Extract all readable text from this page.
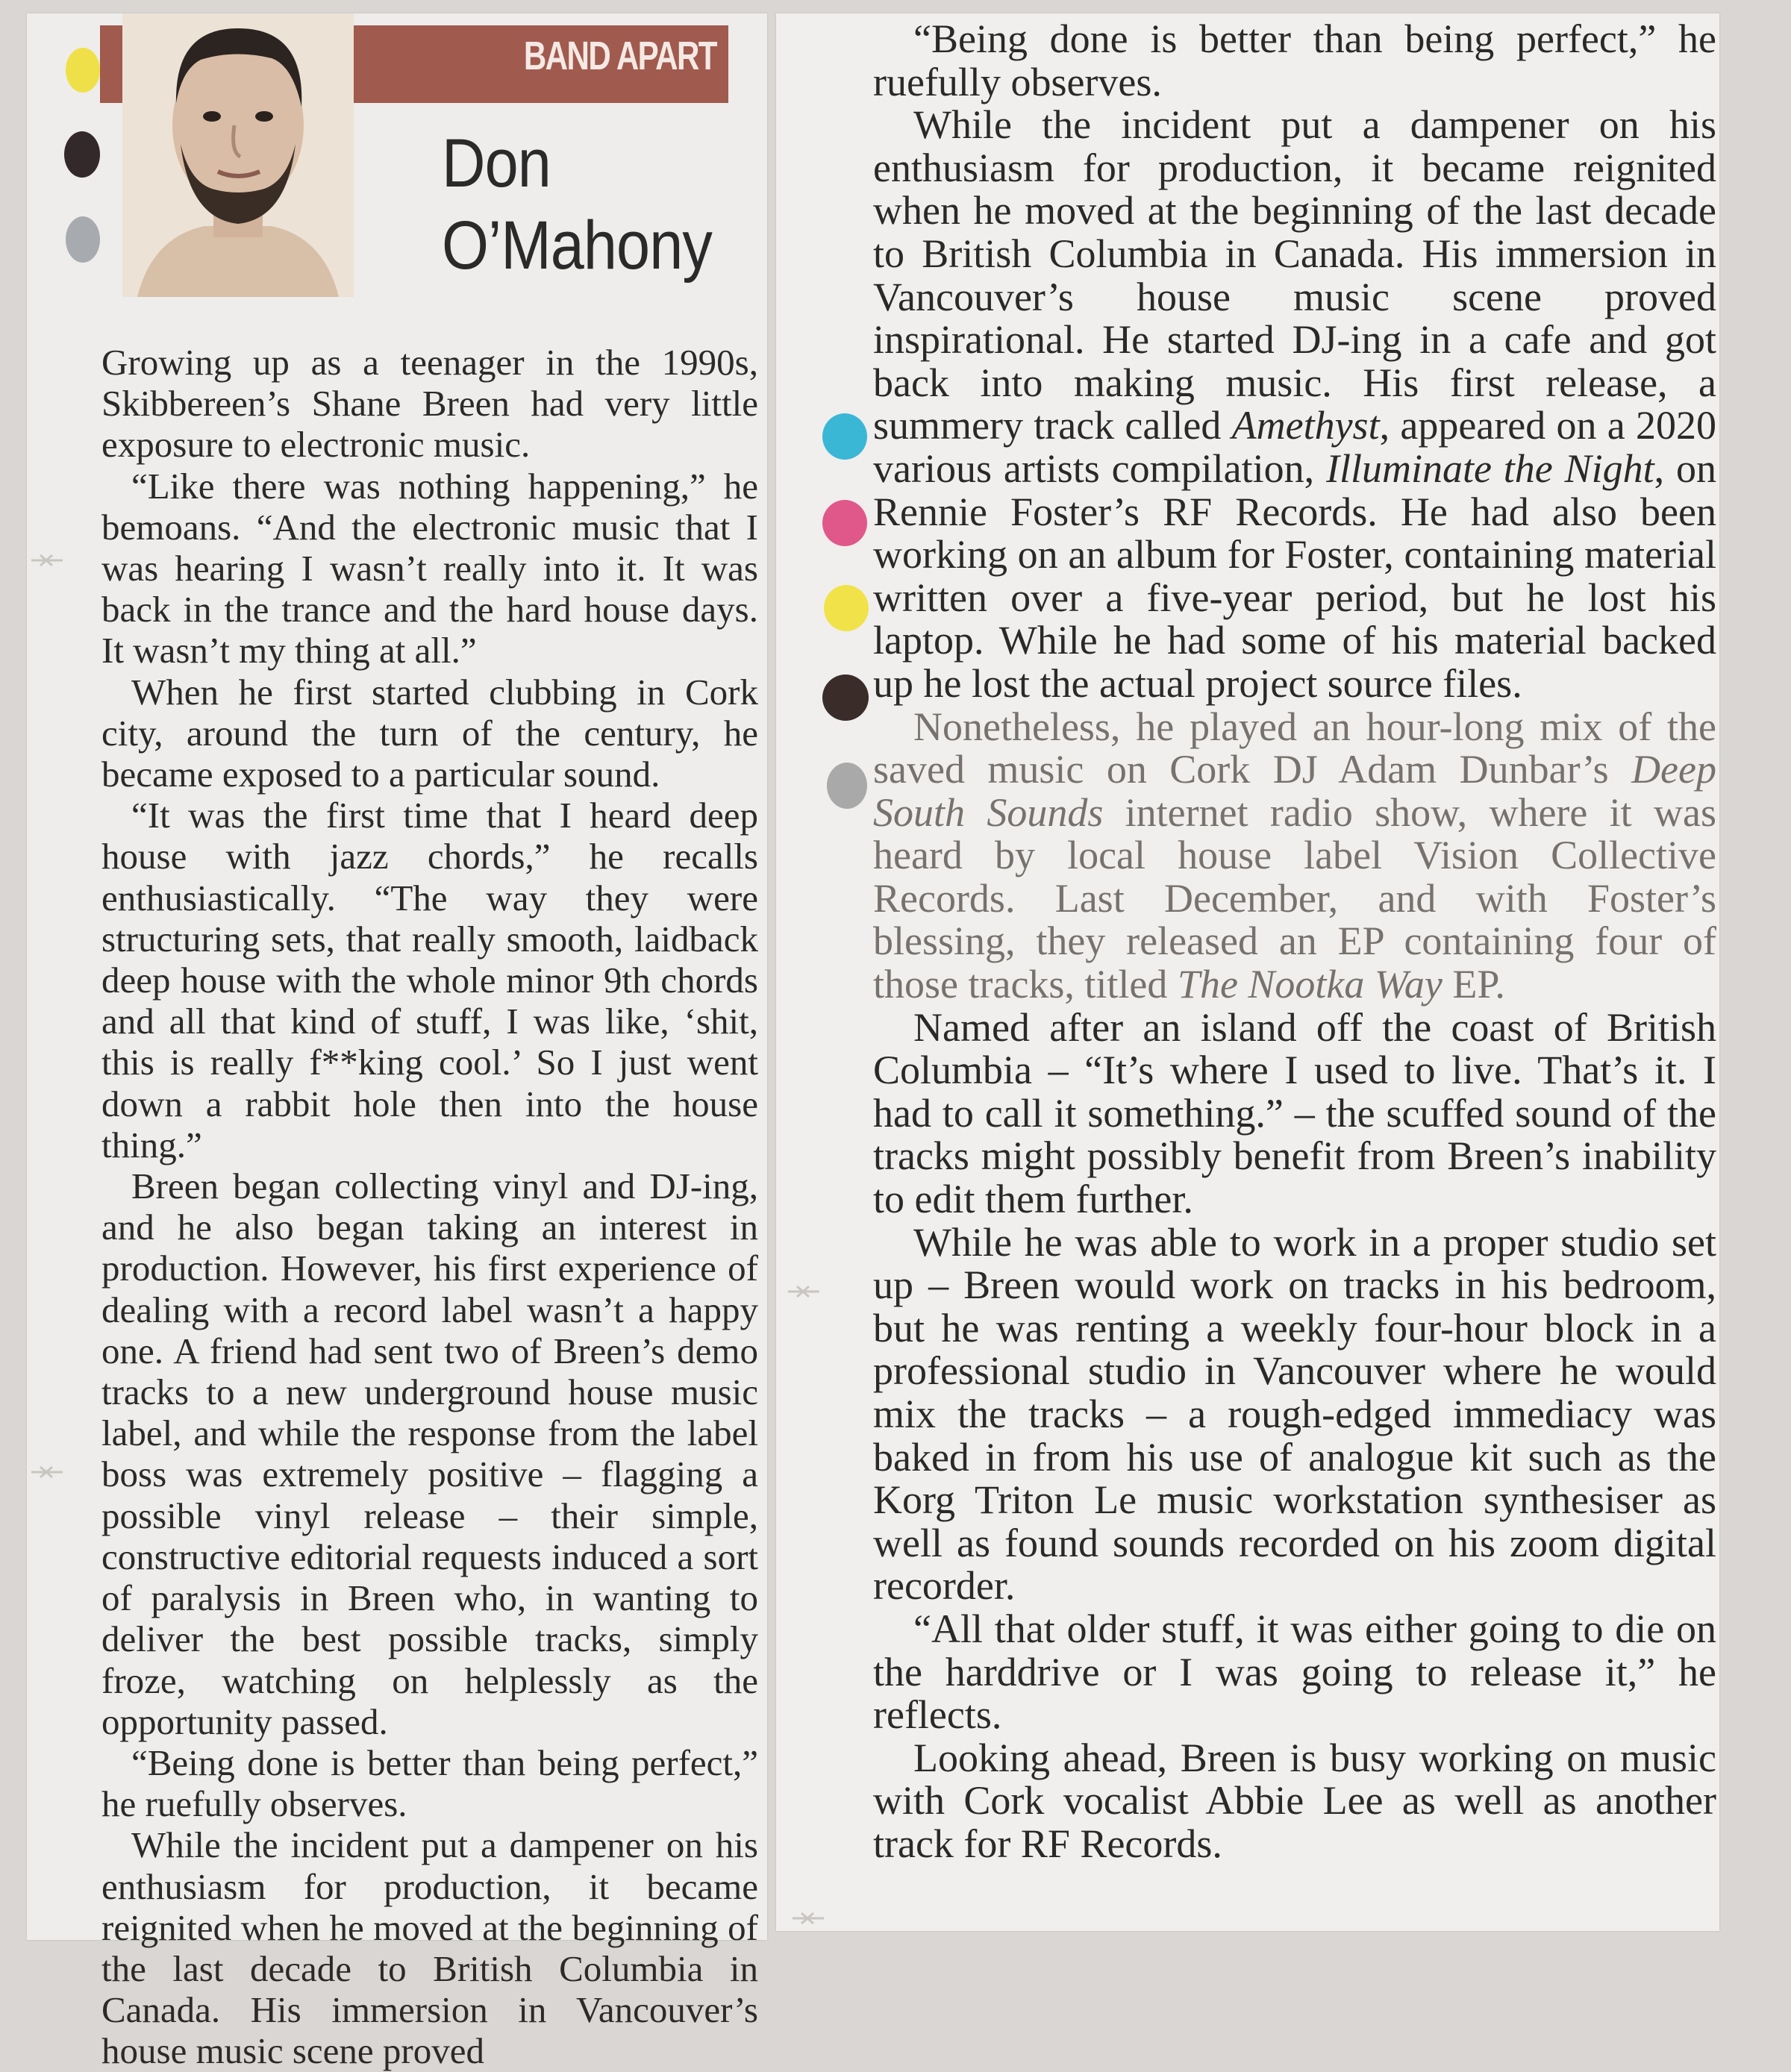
BAND APART
Don
O’Mahony

Growing up as a teenager in the 1990s, Skibbereen’s Shane Breen had very little exposure to electronic music.

“Like there was nothing happening,” he bemoans. “And the electronic music that I was hearing I wasn’t really into it. It was back in the trance and the hard house days. It wasn’t my thing at all.”

When he first started clubbing in Cork city, around the turn of the century, he became exposed to a particular sound.

“It was the first time that I heard deep house with jazz chords,” he recalls enthusiastically. “The way they were structuring sets, that really smooth, laidback deep house with the whole minor 9th chords and all that kind of stuff, I was like, ‘shit, this is really f**king cool.’ So I just went down a rabbit hole then into the house thing.”

Breen began collecting vinyl and DJ-ing, and he also began taking an interest in production. However, his first experience of dealing with a record label wasn’t a happy one. A friend had sent two of Breen’s demo tracks to a new underground house music label, and while the response from the label boss was extremely positive – flagging a possible vinyl release – their simple, constructive editorial requests induced a sort of paralysis in Breen who, in wanting to deliver the best possible tracks, simply froze, watching on helplessly as the opportunity passed.

“Being done is better than being perfect,” he ruefully observes.

While the incident put a dampener on his enthusiasm for production, it became reignited when he moved at the beginning of the last decade to British Columbia in Canada. His immersion in Vancouver’s house music scene proved

“Being done is better than being perfect,” he ruefully observes.

While the incident put a dampener on his enthusiasm for production, it became reignited when he moved at the beginning of the last decade to British Columbia in Canada. His immersion in Vancouver’s house music scene proved inspirational. He started DJ-ing in a cafe and got back into making music. His first release, a summery track called Amethyst, appeared on a 2020 various artists compilation, Illuminate the Night, on Rennie Foster’s RF Records. He had also been working on an album for Foster, containing material written over a five-year period, but he lost his laptop. While he had some of his material backed up he lost the actual project source files.

Nonetheless, he played an hour-long mix of the saved music on Cork DJ Adam Dunbar’s Deep South Sounds internet radio show, where it was heard by local house label Vision Collective Records. Last December, and with Foster’s blessing, they released an EP containing four of those tracks, titled The Nootka Way EP.

Named after an island off the coast of British Columbia – “It’s where I used to live. That’s it. I had to call it something.” – the scuffed sound of the tracks might possibly benefit from Breen’s inability to edit them further.

While he was able to work in a proper studio set up – Breen would work on tracks in his bedroom, but he was renting a weekly four-hour block in a professional studio in Vancouver where he would mix the tracks – a rough-edged immediacy was baked in from his use of analogue kit such as the Korg Triton Le music workstation synthesiser as well as found sounds recorded on his zoom digital recorder.

“All that older stuff, it was either going to die on the harddrive or I was going to release it,” he reflects.

Looking ahead, Breen is busy working on music with Cork vocalist Abbie Lee as well as another track for RF Records.
